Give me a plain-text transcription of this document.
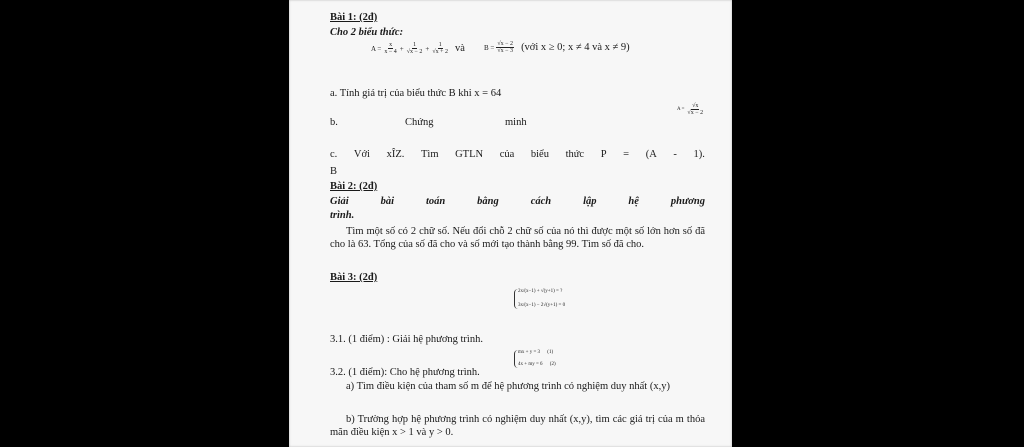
Bài 1: (2đ)
Cho 2 biểu thức:
$A = \frac{x}{x - 4} + \frac{1}{√x - 2} + \frac{1}{√x + 2}$ và	$B = \frac{√x - 2}{√x - 3}$ (với x ≥ 0; x ≠ 4 và x ≠ 9)
a. Tính giá trị của biểu thức B khi x = 64
b.	Chứng	minh
$A = \frac{√x}{√x - 2}$
c. Với xÎZ. Tìm GTLN của biểu thức P = (A - 1).
B
Bài 2: (2đ)
Giải	bài	toán	bằng	cách	lập	hệ	phương
trình.
Tìm một số có 2 chữ số. Nếu đổi chỗ 2 chữ số của nó thì được một số lớn hơn số đã cho là 63. Tổng của số đã cho và số mới tạo thành bằng 99. Tìm số đã cho.
Bài 3: (2đ)
2x/(x−1) + √(y+1) = ?
3x/(x−1) − 2√(y+1) = 0
3.1. (1 điểm) : Giải hệ phương trình.
mx + y = 3 (1)
4x + my = 6 (2)
3.2. (1 điểm): Cho hệ phương trình.
a) Tìm điều kiện của tham số m để hệ phương trình có nghiệm duy nhất (x,y)
b) Trường hợp hệ phương trình có nghiệm duy nhất (x,y), tìm các giá trị của m thỏa mãn điều kiện x > 1 và y > 0.
